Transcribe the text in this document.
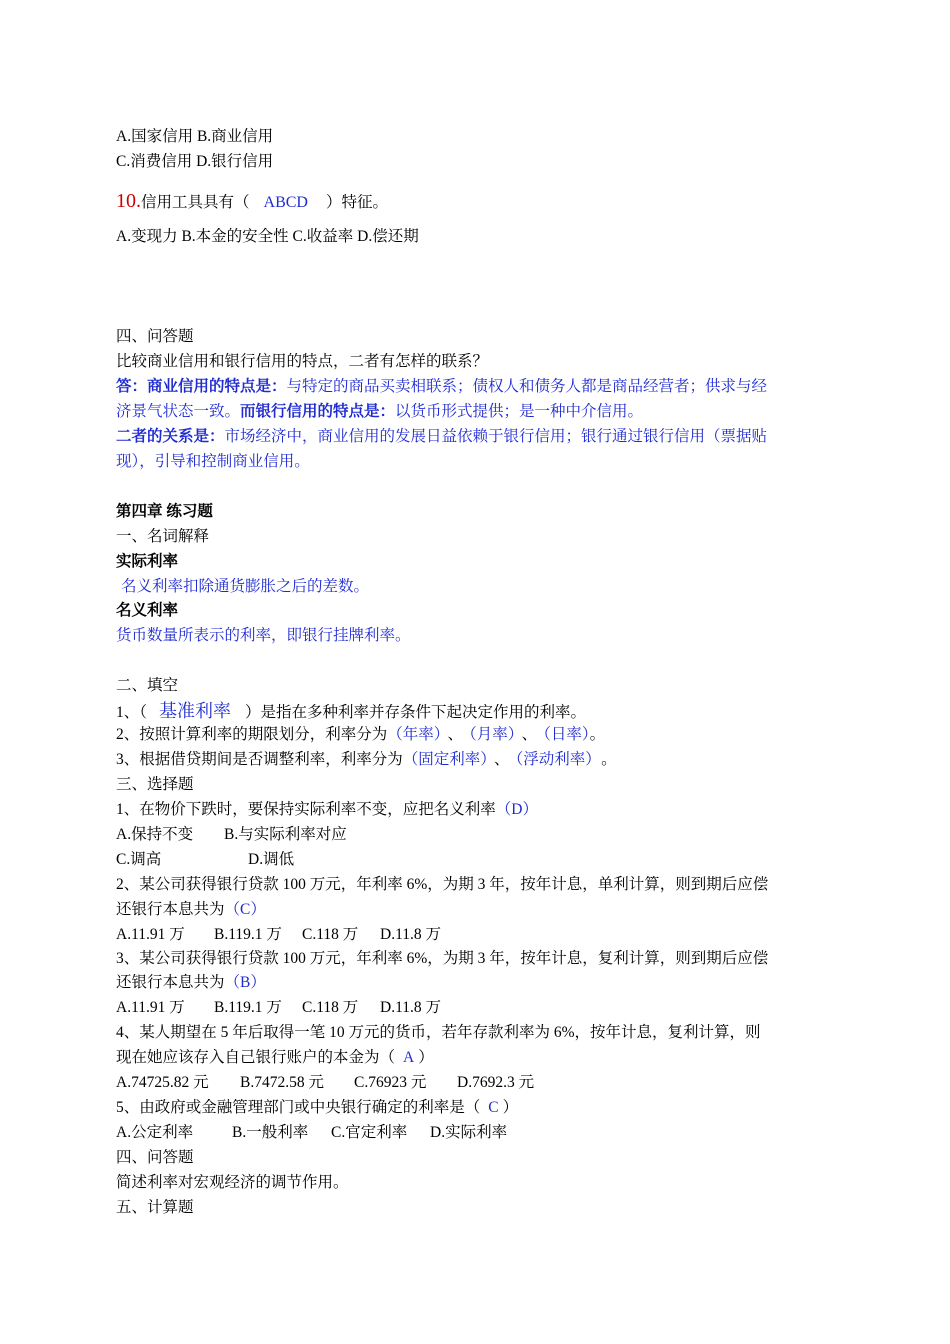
A.国家信用 B.商业信用
C.消费信用 D.银行信用
10.信用工具具有（ ABCD ）特征。
A.变现力 B.本金的安全性 C.收益率 D.偿还期
四、问答题
比较商业信用和银行信用的特点，二者有怎样的联系？
答：商业信用的特点是：与特定的商品买卖相联系；债权人和债务人都是商品经营者；供求与经
济景气状态一致。而银行信用的特点是：以货币形式提供；是一种中介信用。
二者的关系是：市场经济中，商业信用的发展日益依赖于银行信用；银行通过银行信用（票据贴
现），引导和控制商业信用。
第四章 练习题
一、名词解释
实际利率
名义利率扣除通货膨胀之后的差数。
名义利率
货币数量所表示的利率，即银行挂牌利率。
二、填空
1、（ 基准利率 ）是指在多种利率并存条件下起决定作用的利率。
2、按照计算利率的期限划分，利率分为（年率） 、 （月率） 、 （日率）。
3、根据借贷期间是否调整利率，利率分为（固定利率） 、 （浮动利率） 。
三、选择题
1、在物价下跌时，要保持实际利率不变，应把名义利率（D）
A.保持不变 B.与实际利率对应
C.调高	D.调低
2、某公司获得银行贷款 100 万元，年利率 6%，为期 3 年，按年计息，单利计算，则到期后应偿
还银行本息共为（C）
A.11.91 万 B.119.1 万 C.118 万 D.11.8 万
3、某公司获得银行贷款 100 万元，年利率 6%，为期 3 年，按年计息，复利计算，则到期后应偿
还银行本息共为（B）
A.11.91 万 B.119.1 万 C.118 万 D.11.8 万
4、某人期望在 5 年后取得一笔 10 万元的货币，若年存款利率为 6%，按年计息，复利计算，则
现在她应该存入自己银行账户的本金为（ A ）
A.74725.82 元 B.7472.58 元 C.76923 元 D.7692.3 元
5、由政府或金融管理部门或中央银行确定的利率是（ C ）
A.公定利率	B.一般利率 C.官定利率 D.实际利率
四、问答题
简述利率对宏观经济的调节作用。
五、计算题
